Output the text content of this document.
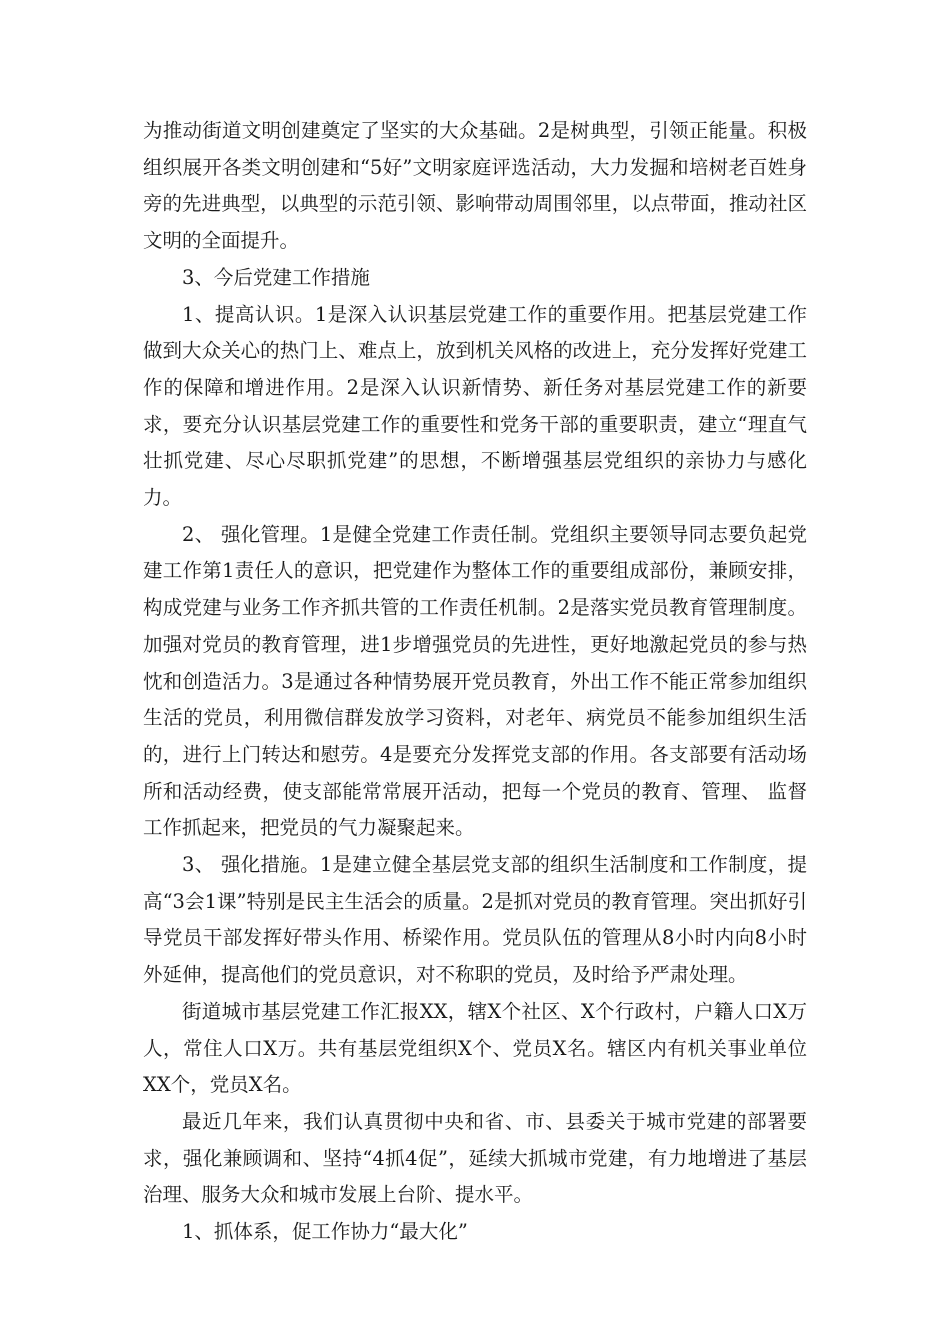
为推动街道文明创建奠定了坚实的大众基础。2是树典型，引领正能量。积极组织展开各类文明创建和“5好”文明家庭评选活动，大力发掘和培树老百姓身旁的先进典型，以典型的示范引领、影响带动周围邻里，以点带面，推动社区文明的全面提升。

3、今后党建工作措施

1、提高认识。1是深入认识基层党建工作的重要作用。把基层党建工作做到大众关心的热门上、难点上，放到机关风格的改进上，充分发挥好党建工作的保障和增进作用。2是深入认识新情势、新任务对基层党建工作的新要求，要充分认识基层党建工作的重要性和党务干部的重要职责，建立“理直气壮抓党建、尽心尽职抓党建”的思想，不断增强基层党组织的亲协力与感化力。

2、 强化管理。1是健全党建工作责任制。党组织主要领导同志要负起党建工作第1责任人的意识，把党建作为整体工作的重要组成部份，兼顾安排，构成党建与业务工作齐抓共管的工作责任机制。2是落实党员教育管理制度。加强对党员的教育管理，进1步增强党员的先进性，更好地激起党员的参与热忱和创造活力。3是通过各种情势展开党员教育，外出工作不能正常参加组织生活的党员，利用微信群发放学习资料，对老年、病党员不能参加组织生活的，进行上门转达和慰劳。4是要充分发挥党支部的作用。各支部要有活动场所和活动经费，使支部能常常展开活动，把每一个党员的教育、管理、 监督工作抓起来，把党员的气力凝聚起来。

3、 强化措施。1是建立健全基层党支部的组织生活制度和工作制度，提高“3会1课”特别是民主生活会的质量。2是抓对党员的教育管理。突出抓好引导党员干部发挥好带头作用、桥梁作用。党员队伍的管理从8小时内向8小时外延伸，提高他们的党员意识，对不称职的党员，及时给予严肃处理。

街道城市基层党建工作汇报XX，辖X个社区、X个行政村，户籍人口X万人，常住人口X万。共有基层党组织X个、党员X名。辖区内有机关事业单位XX个，党员X名。

最近几年来，我们认真贯彻中央和省、市、县委关于城市党建的部署要求，强化兼顾调和、坚持“4抓4促”，延续大抓城市党建，有力地增进了基层治理、服务大众和城市发展上台阶、提水平。

1、抓体系，促工作协力“最大化”
